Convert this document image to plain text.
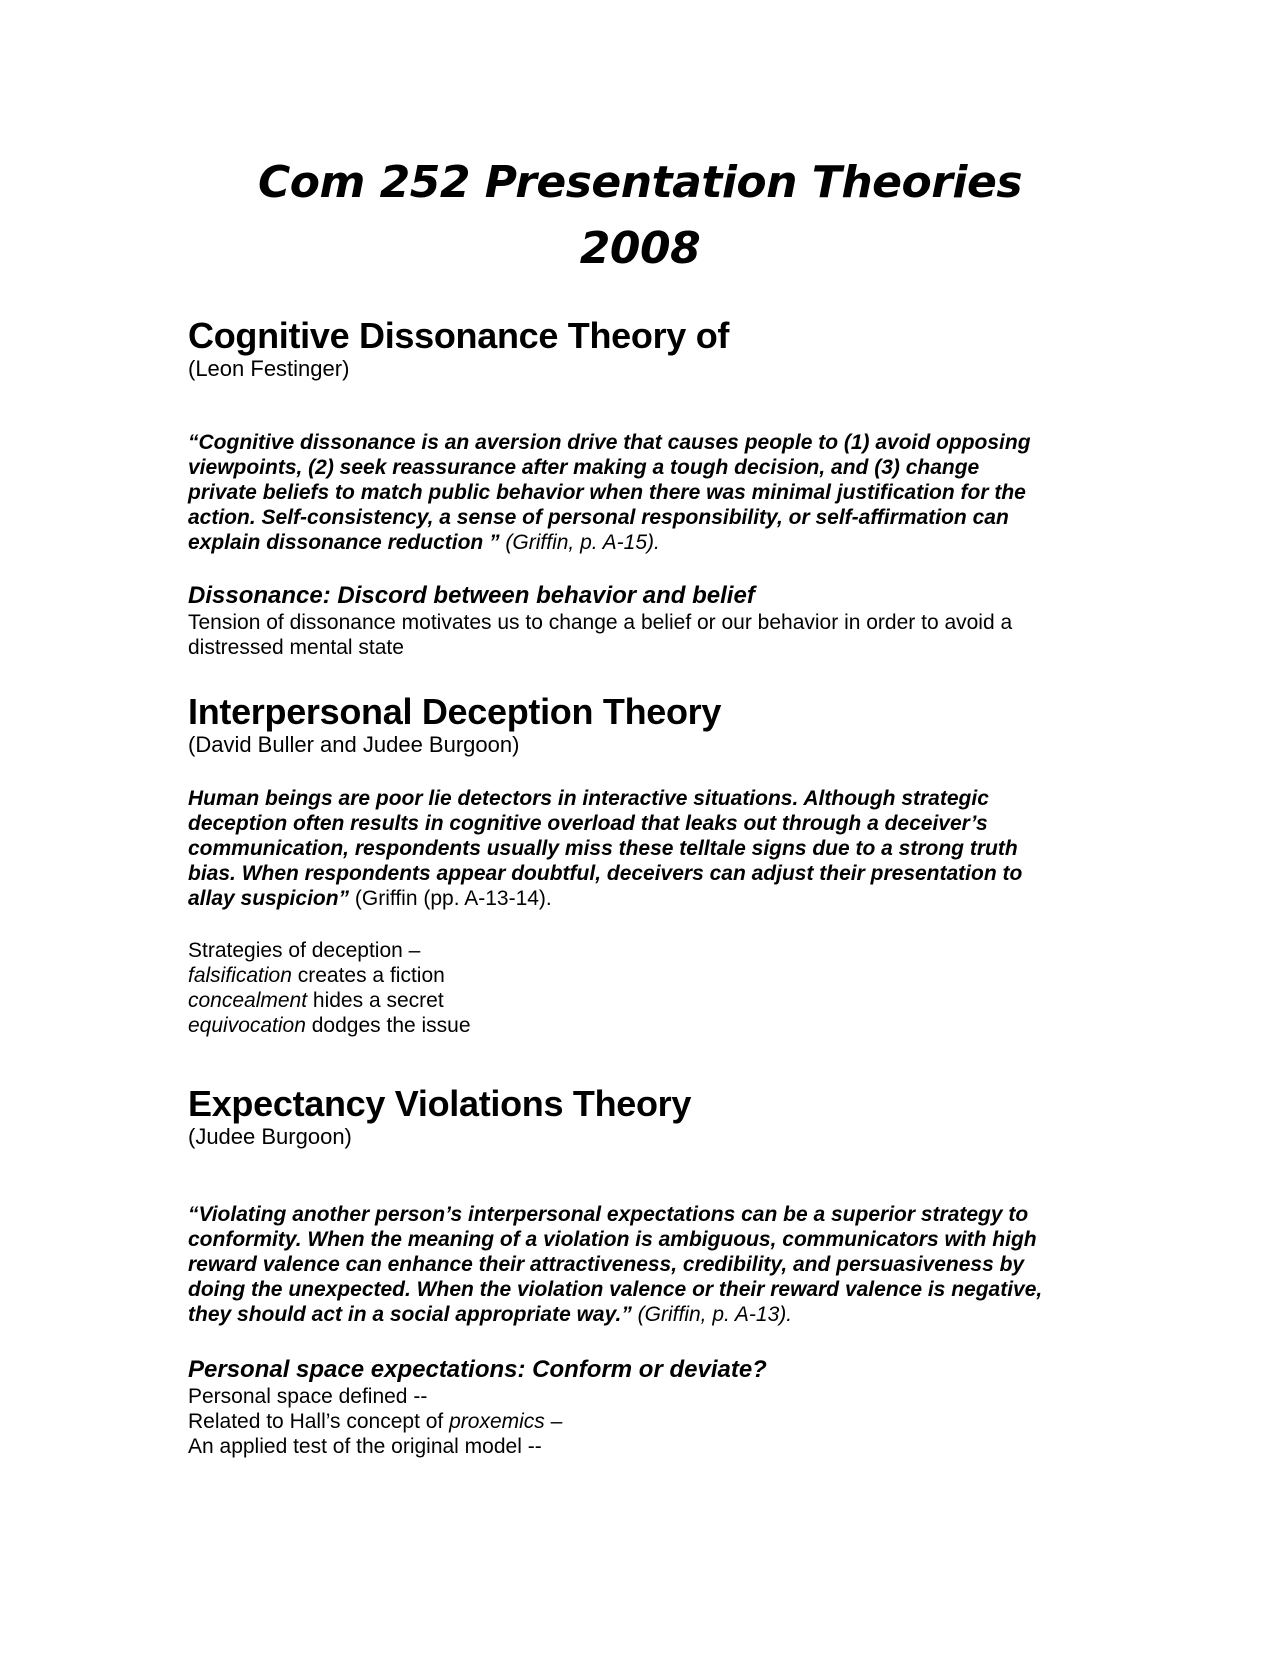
Com 252 Presentation Theories
2008
Cognitive Dissonance Theory of
(Leon Festinger)
“Cognitive dissonance is an aversion drive that causes people to (1) avoid opposing
viewpoints, (2) seek reassurance after making a tough decision, and (3) change
private beliefs to match public behavior when there was minimal justification for the
action. Self-consistency, a sense of personal responsibility, or self-affirmation can
explain dissonance reduction ” (Griffin, p. A-15).
Dissonance: Discord between behavior and belief
Tension of dissonance motivates us to change a belief or our behavior in order to avoid a
distressed mental state
Interpersonal Deception Theory
(David Buller and Judee Burgoon)
Human beings are poor lie detectors in interactive situations. Although strategic
deception often results in cognitive overload that leaks out through a deceiver’s
communication, respondents usually miss these telltale signs due to a strong truth
bias. When respondents appear doubtful, deceivers can adjust their presentation to
allay suspicion” (Griffin (pp. A-13-14).
Strategies of deception –
falsification creates a fiction
concealment hides a secret
equivocation dodges the issue
Expectancy Violations Theory
(Judee Burgoon)
“Violating another person’s interpersonal expectations can be a superior strategy to
conformity. When the meaning of a violation is ambiguous, communicators with high
reward valence can enhance their attractiveness, credibility, and persuasiveness by
doing the unexpected. When the violation valence or their reward valence is negative,
they should act in a social appropriate way.” (Griffin, p. A-13).
Personal space expectations: Conform or deviate?
Personal space defined --
Related to Hall’s concept of proxemics –
An applied test of the original model --
